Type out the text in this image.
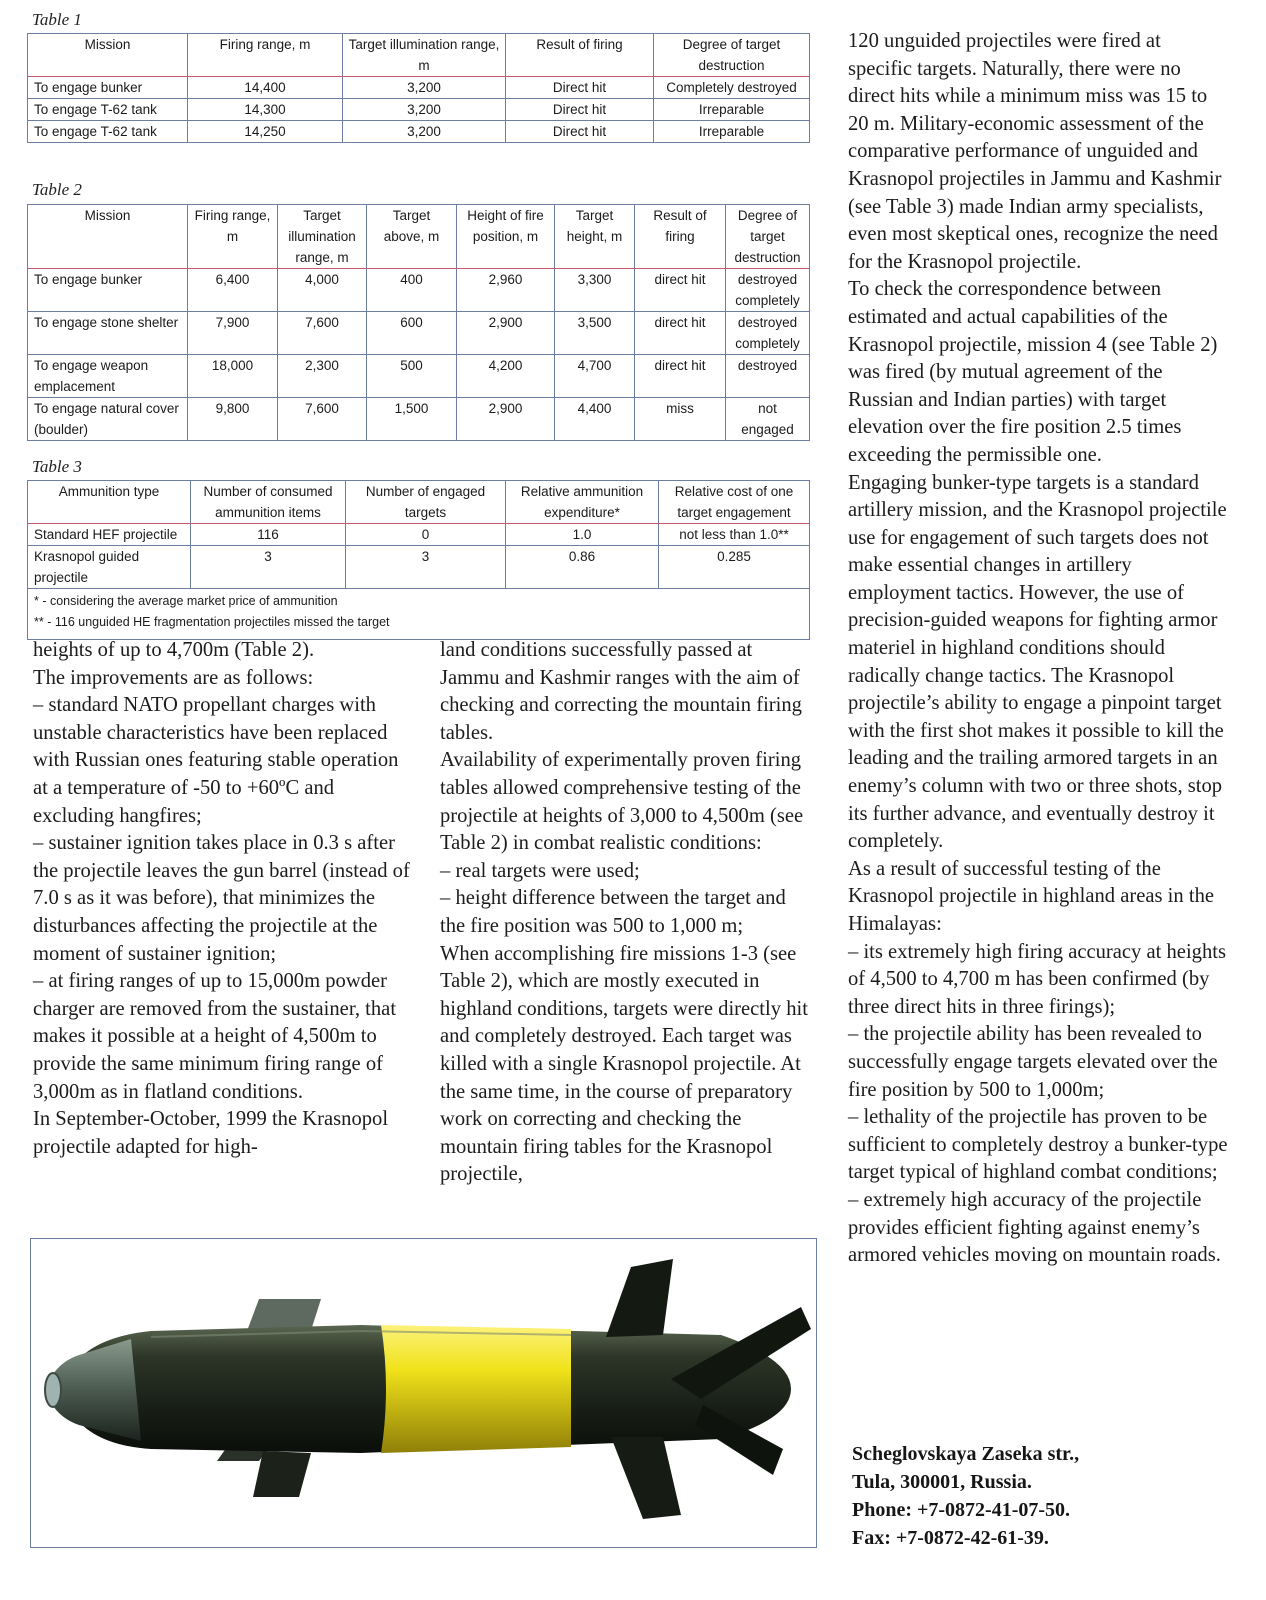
Table 1
Mission	Firing range, m	Target illumination range, m	Result of firing	Degree of target destruction
To engage bunker	14,400	3,200	Direct hit	Completely destroyed
To engage T-62 tank	14,300	3,200	Direct hit	Irreparable
To engage T-62 tank	14,250	3,200	Direct hit	Irreparable
Table 2
Mission	Firing range, m	Target illumination range, m	Target above, m	Height of fire position, m	Target height, m	Result of firing	Degree of target destruction
To engage bunker	6,400	4,000	400	2,960	3,300	direct hit	destroyed completely
To engage stone shelter	7,900	7,600	600	2,900	3,500	direct hit	destroyed completely
To engage weapon emplacement	18,000	2,300	500	4,200	4,700	direct hit	destroyed
To engage natural cover (boulder)	9,800	7,600	1,500	2,900	4,400	miss	not engaged
Table 3
Ammunition type	Number of consumed ammunition items	Number of engaged targets	Relative ammunition expenditure*	Relative cost of one target engagement
Standard HEF projectile	116	0	1.0	not less than 1.0**
Krasnopol guided projectile	3	3	0.86	0.285

* - considering the average market price of ammunition
** - 116 unguided HE fragmentation projectiles missed the target				

heights of up to 4,700m (Table 2).

The improvements are as follows:

– standard NATO propellant charges with unstable characteristics have been replaced with Russian ones featuring stable operation at a temperature of -50 to +60ºC and excluding hangfires;

– sustainer ignition takes place in 0.3 s after the projectile leaves the gun barrel (instead of 7.0 s as it was before), that minimizes the disturbances affecting the projectile at the moment of sustainer ignition;

– at firing ranges of up to 15,000m powder charger are removed from the sustainer, that makes it possible at a height of 4,500m to provide the same minimum firing range of 3,000m as in flatland conditions.

In September-October, 1999 the Krasnopol projectile adapted for high-

land conditions successfully passed at Jammu and Kashmir ranges with the aim of checking and correcting the mountain firing tables.

Availability of experimentally proven firing tables allowed comprehensive testing of the projectile at heights of 3,000 to 4,500m (see Table 2) in combat realistic conditions:

– real targets were used;

– height difference between the target and the fire position was 500 to 1,000 m;

When accomplishing fire missions 1-3 (see Table 2), which are mostly executed in highland conditions, targets were directly hit and completely destroyed. Each target was killed with a single Krasnopol projectile. At the same time, in the course of preparatory work on correcting and checking the mountain firing tables for the Krasnopol projectile,

120 unguided projectiles were fired at specific targets. Naturally, there were no direct hits while a minimum miss was 15 to 20 m. Military-economic assessment of the comparative performance of unguided and Krasnopol projectiles in Jammu and Kashmir (see Table 3) made Indian army specialists, even most skeptical ones, recognize the need for the Krasnopol projectile.

To check the correspondence between estimated and actual capabilities of the Krasnopol projectile, mission 4 (see Table 2) was fired (by mutual agreement of the Russian and Indian parties) with target elevation over the fire position 2.5 times exceeding the permissible one.

Engaging bunker-type targets is a standard artillery mission, and the Krasnopol projectile use for engagement of such targets does not make essential changes in artillery employment tactics. However, the use of precision-guided weapons for fighting armor materiel in highland conditions should radically change tactics. The Krasnopol projectile’s ability to engage a pinpoint target with the first shot makes it possible to kill the leading and the trailing armored targets in an enemy’s column with two or three shots, stop its further advance, and eventually destroy it completely.

As a result of successful testing of the Krasnopol projectile in highland areas in the Himalayas:

– its extremely high firing accuracy at heights of 4,500 to 4,700 m has been confirmed (by three direct hits in three firings);

– the projectile ability has been revealed to successfully engage targets elevated over the fire position by 500 to 1,000m;

– lethality of the projectile has proven to be sufficient to completely destroy a bunker-type target typical of highland combat conditions;

– extremely high accuracy of the projectile provides efficient fighting against enemy’s armored vehicles moving on mountain roads.

Scheglovskaya Zaseka str.,
Tula, 300001, Russia.
Phone: +7-0872-41-07-50.
Fax: +7-0872-42-61-39.
